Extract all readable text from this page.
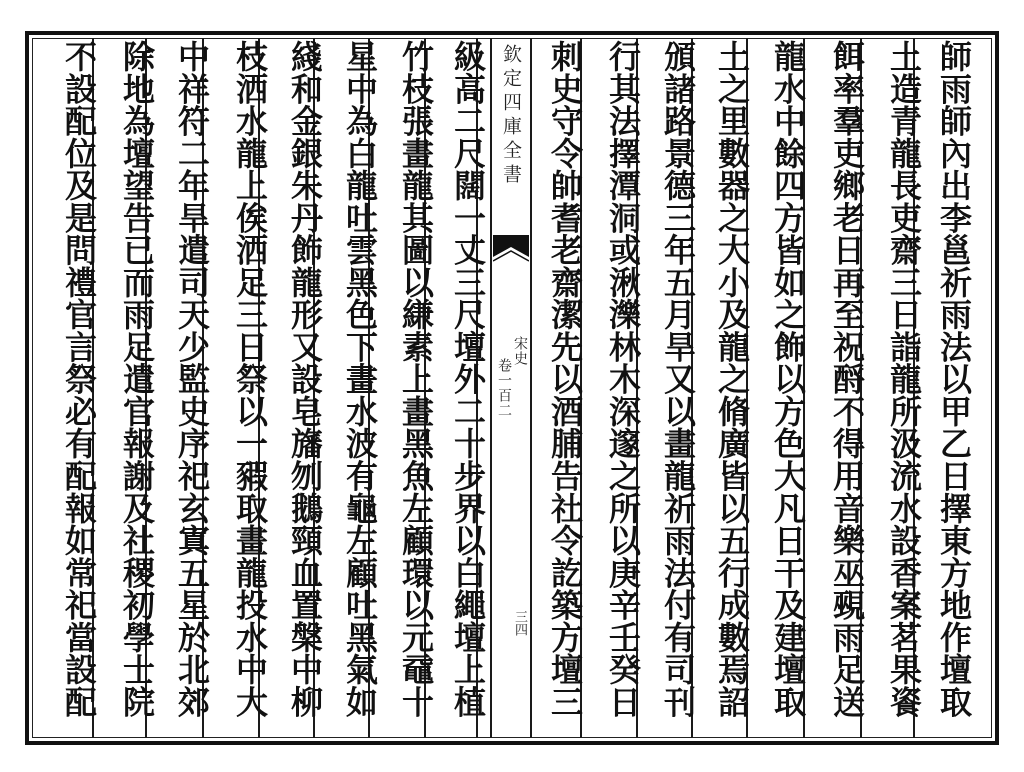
師雨師內出李邕祈雨法以甲乙日擇東方地作壇取
土造青龍長吏齋三日詣龍所汲流水設香案茗果餈
餌率羣吏鄉老日再至祝酹不得用音樂巫覡雨足送
龍水中餘四方皆如之飾以方色大凡日干及建壇取
土之里數器之大小及龍之脩廣皆以五行成數焉詔
頒諸路景德三年五月旱又以畫龍祈雨法付有司刊
行其法擇潭洞或湫濼林木深邃之所以庚辛壬癸日
刺史守令帥耆老齋潔先以酒脯告社令訖築方壇三
級高二尺闊一丈三尺壇外二十步界以白繩壇上植
竹枝張畫龍其圖以縑素上畫黑魚左顧環以元黿十
星中為白龍吐雲黑色下畫水波有龜左顧吐黑氣如
綫和金銀朱丹飾龍形又設皂旛刎鵝頸血置槃中柳
枝洒水龍上俟洒足三日祭以一豭取畫龍投水中大
中祥符二年旱遣司天少監史序祀玄寘五星於北郊
除地為壇望告已而雨足遣官報謝及社稷初學士院
不設配位及是問禮官言祭必有配報如常祀當設配	欽定四庫全書
宋史
卷一百二
三四
